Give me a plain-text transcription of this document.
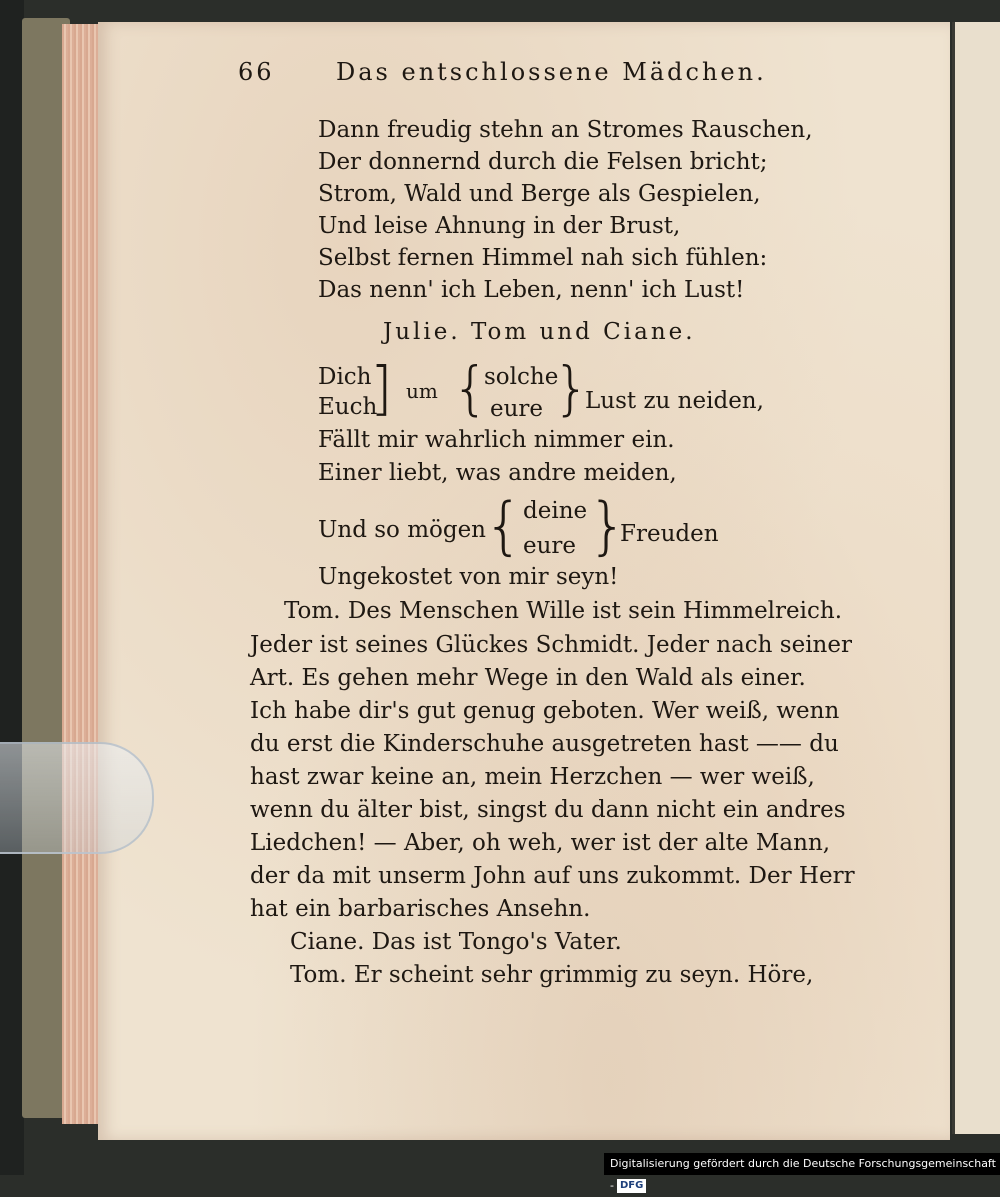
66	Das entschlossene Mädchen.
Dann freudig stehn an Stromes Rauschen,
Der donnernd durch die Felsen bricht;
Strom, Wald und Berge als Gespielen,
Und leise Ahnung in der Brust,
Selbst fernen Himmel nah sich fühlen:
Das nenn' ich Leben, nenn' ich Lust!
Julie. Tom und Ciane.
Dich
Euch
] um {
solche
eure }
Lust zu neiden,
Fällt mir wahrlich nimmer ein.
Einer liebt, was andre meiden,
Und so mögen
{ deine
eure }
Freuden
Ungekostet von mir seyn!
Tom. Des Menschen Wille ist sein Himmelreich.
Jeder ist seines Glückes Schmidt. Jeder nach seiner
Art. Es gehen mehr Wege in den Wald als einer.
Ich habe dir's gut genug geboten. Wer weiß, wenn
du erst die Kinderschuhe ausgetreten hast —— du
hast zwar keine an, mein Herzchen — wer weiß,
wenn du älter bist, singst du dann nicht ein andres
Liedchen! — Aber, oh weh, wer ist der alte Mann,
der da mit unserm John auf uns zukommt. Der Herr
hat ein barbarisches Ansehn.
Ciane. Das ist Tongo's Vater.
Tom. Er scheint sehr grimmig zu seyn. Höre,
Digitalisierung gefördert durch die Deutsche Forschungsgemeinschaft - DFG
